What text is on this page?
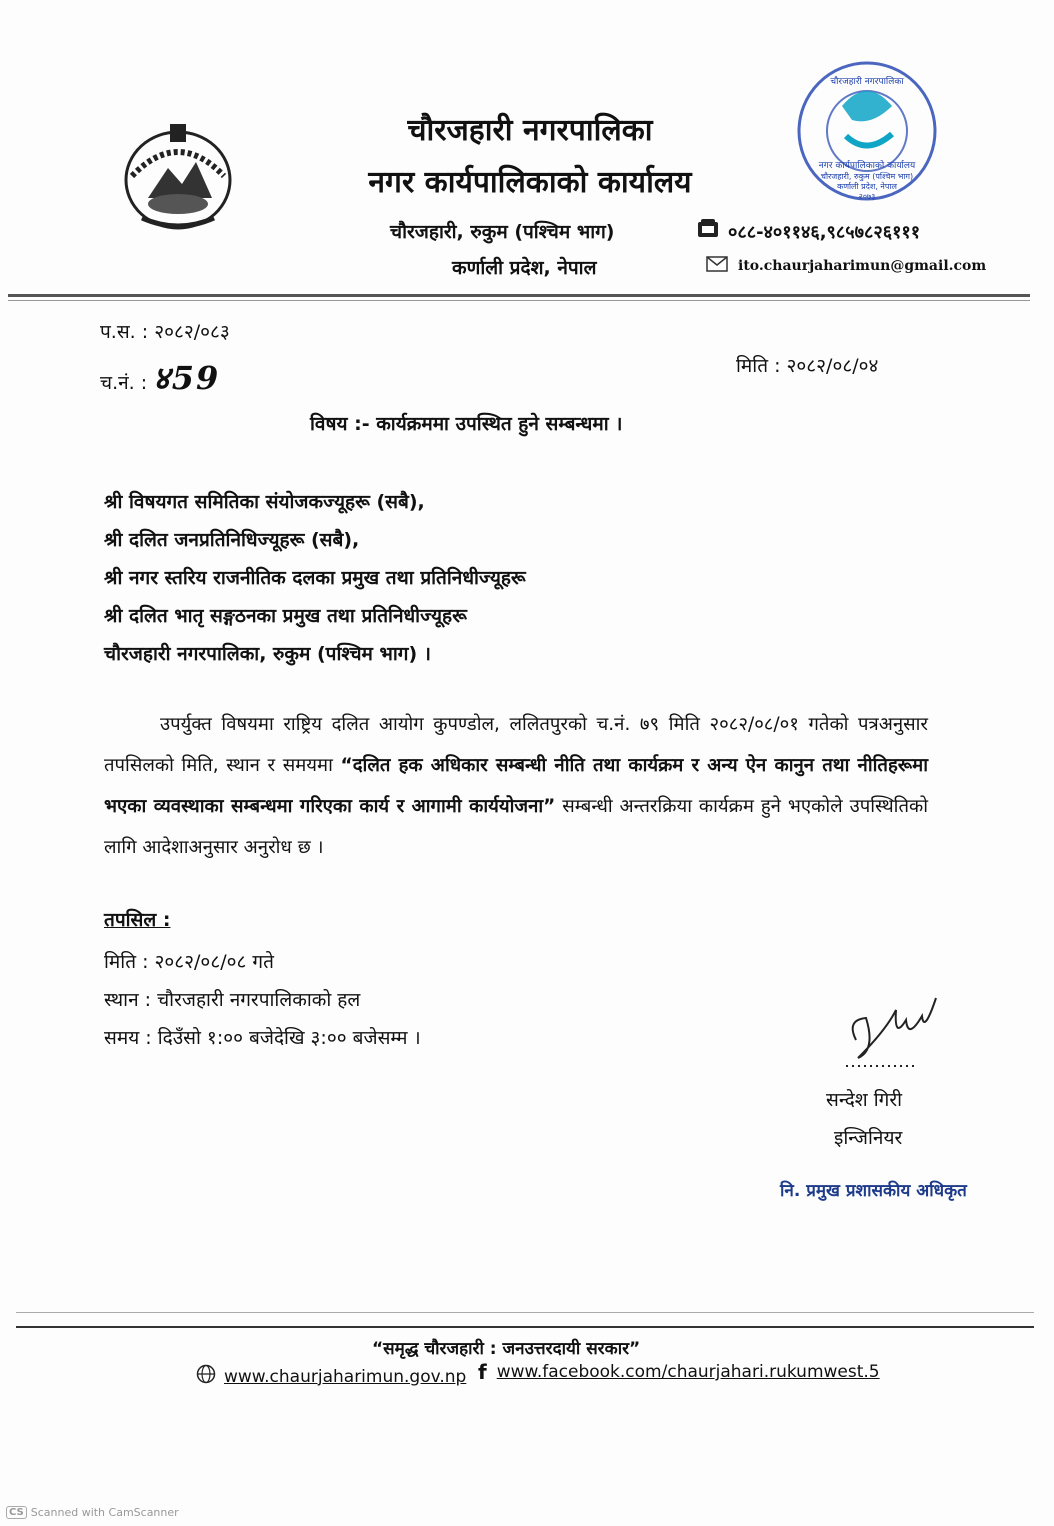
चौरजहारी नगरपालिका
नगर कार्यपालिकाको कार्यालय
चौरजहारी, रुकुम (पश्चिम भाग)
कर्णाली प्रदेश, नेपाल
०८८-४०११४६,९८५७८२६१११
ito.chaurjaharimun@gmail.com
चौरजहारी नगरपालिका
नगर कार्यपालिकाको कार्यालय
चौरजहारी, रुकुम (पश्चिम भाग)
कर्णाली प्रदेश, नेपाल
२०७३
प.स. : २०८२/०८३
च.नं. : ४59	मिति : २०८२/०८/०४
विषय :- कार्यक्रममा उपस्थित हुने सम्बन्धमा ।
श्री विषयगत समितिका संयोजकज्यूहरू (सबै),
श्री दलित जनप्रतिनिधिज्यूहरू (सबै),
श्री नगर स्तरिय राजनीतिक दलका प्रमुख तथा प्रतिनिधीज्यूहरू
श्री दलित भातृ सङ्गठनका प्रमुख तथा प्रतिनिधीज्यूहरू
चौरजहारी नगरपालिका, रुकुम (पश्चिम भाग) ।

उपर्युक्त विषयमा राष्ट्रिय दलित आयोग कुपण्डोल, ललितपुरको च.नं. ७९ मिति २०८२/०८/०१ गतेको पत्रअनुसार तपसिलको मिति, स्थान र समयमा “दलित हक अधिकार सम्बन्धी नीति तथा कार्यक्रम र अन्य ऐन कानुन तथा नीतिहरूमा भएका व्यवस्थाका सम्बन्धमा गरिएका कार्य र आगामी कार्ययोजना” सम्बन्धी अन्तरक्रिया कार्यक्रम हुने भएकोले उपस्थितिको लागि आदेशाअनुसार अनुरोध छ ।

तपसिल :
मिति : २०८२/०८/०८ गते
स्थान : चौरजहारी नगरपालिकाको हल
समय : दिउँसो १:०० बजेदेखि ३:०० बजेसम्म ।
सन्देश गिरी
इन्जिनियर
नि. प्रमुख प्रशासकीय अधिकृत
“समृद्ध चौरजहारी : जनउत्तरदायी सरकार”
www.chaurjaharimun.gov.np f www.facebook.com/chaurjahari.rukumwest.5
CS Scanned with CamScanner
